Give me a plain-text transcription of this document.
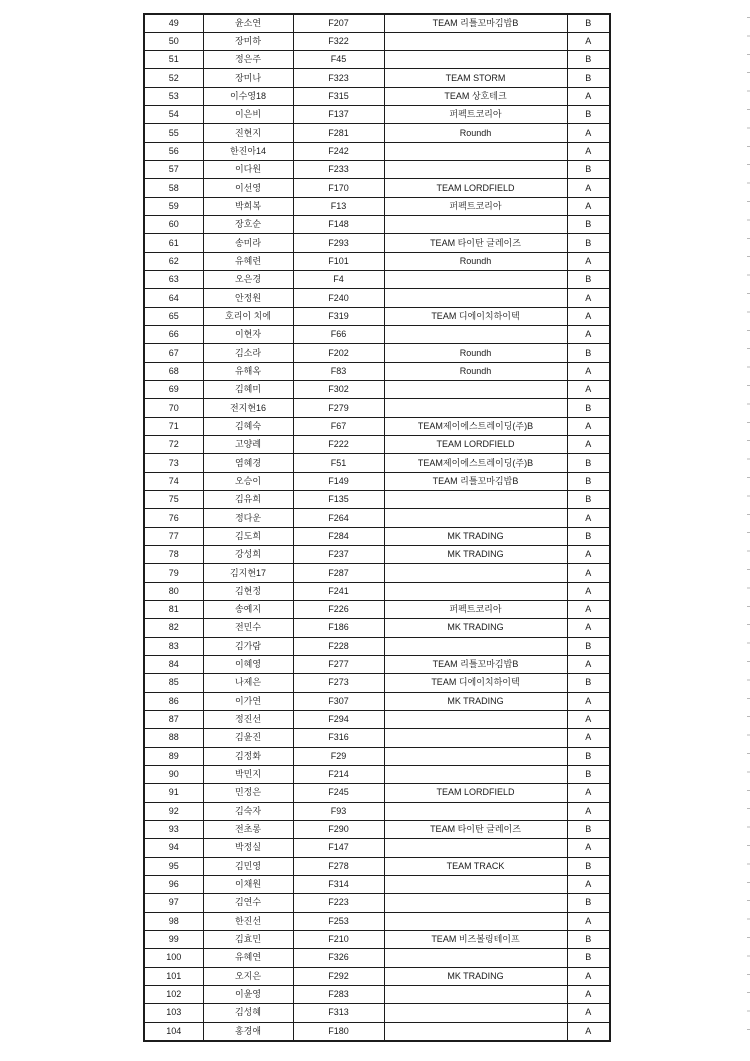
49	윤소연	F207	TEAM 리틀꼬마김밥B	B
50	장미하	F322		A
51	정은주	F45		B
52	장미나	F323	TEAM STORM	B
53	이수영18	F315	TEAM 상호테크	A
54	이은비	F137	퍼펙트코리아	B
55	진현지	F281	Roundh	A
56	한진아14	F242		A
57	이다원	F233		B
58	이선영	F170	TEAM LORDFIELD	A
59	박희복	F13	퍼펙트코리아	A
60	장호순	F148		B
61	송미라	F293	TEAM 타이탄 글레이즈	B
62	유혜련	F101	Roundh	A
63	오은경	F4		B
64	안정원	F240		A
65	호리이 치에	F319	TEAM 디에이치하이텍	A
66	이현자	F66		A
67	김소라	F202	Roundh	B
68	유해옥	F83	Roundh	A
69	김혜미	F302		A
70	전지현16	F279		B
71	김혜숙	F67	TEAM제이에스트레이딩(주)B	A
72	고양례	F222	TEAM LORDFIELD	A
73	염혜경	F51	TEAM제이에스트레이딩(주)B	B
74	오승이	F149	TEAM 리틀꼬마김밥B	B
75	김유희	F135		B
76	정다운	F264		A
77	김도희	F284	MK TRADING	B
78	강성희	F237	MK TRADING	A
79	김지현17	F287		A
80	김현정	F241		A
81	송예지	F226	퍼펙트코리아	A
82	전민수	F186	MK TRADING	A
83	김가람	F228		B
84	이혜영	F277	TEAM 리틀꼬마김밥B	A
85	나제은	F273	TEAM 디에이치하이텍	B
86	이가연	F307	MK TRADING	A
87	정진선	F294		A
88	김윤진	F316		A
89	김정화	F29		B
90	박민지	F214		B
91	민정은	F245	TEAM LORDFIELD	A
92	김숙자	F93		A
93	전초롱	F290	TEAM 타이탄 글레이즈	B
94	박정실	F147		A
95	김민영	F278	TEAM TRACK	B
96	이채원	F314		A
97	김연수	F223		B
98	한진선	F253		A
99	김효민	F210	TEAM 비즈볼링테이프	B
100	유혜연	F326		B
101	오지은	F292	MK TRADING	A
102	이윤영	F283		A
103	김성혜	F313		A
104	홍경애	F180		A
